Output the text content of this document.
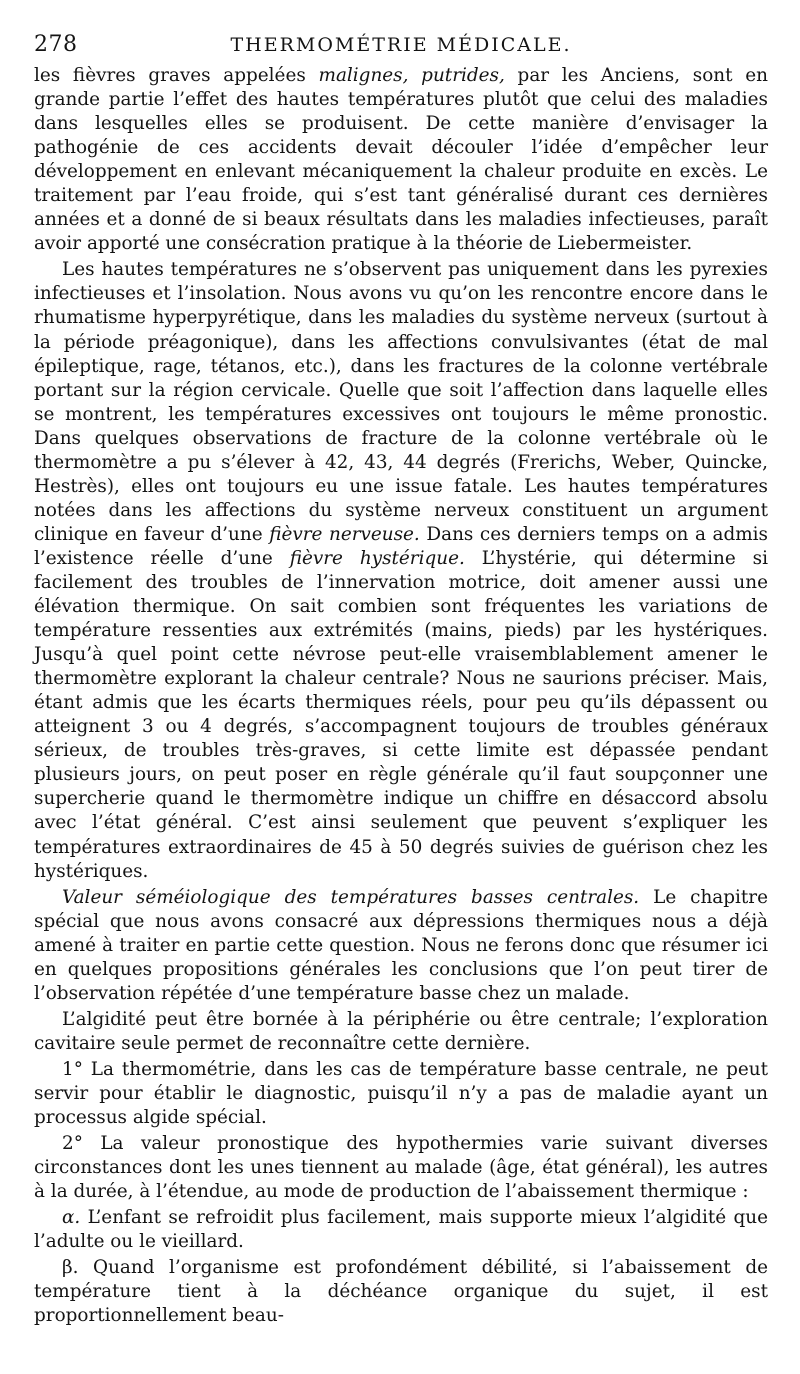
278	THERMOMÉTRIE MÉDICALE.

les fièvres graves appelées malignes, putrides, par les Anciens, sont en grande partie l’effet des hautes températures plutôt que celui des maladies dans lesquelles elles se produisent. De cette manière d’envisager la pathogénie de ces accidents devait découler l’idée d’empêcher leur développement en enlevant mécaniquement la chaleur produite en excès. Le traitement par l’eau froide, qui s’est tant généralisé durant ces dernières années et a donné de si beaux résultats dans les maladies infectieuses, paraît avoir apporté une consécration pratique à la théorie de Liebermeister.

Les hautes températures ne s’observent pas uniquement dans les pyrexies infectieuses et l’insolation. Nous avons vu qu’on les rencontre encore dans le rhumatisme hyperpyrétique, dans les maladies du système nerveux (surtout à la période préagonique), dans les affections convulsivantes (état de mal épileptique, rage, tétanos, etc.), dans les fractures de la colonne vertébrale portant sur la région cervicale. Quelle que soit l’affection dans laquelle elles se montrent, les températures excessives ont toujours le même pronostic. Dans quelques observations de fracture de la colonne vertébrale où le thermomètre a pu s’élever à 42, 43, 44 degrés (Frerichs, Weber, Quincke, Hestrès), elles ont toujours eu une issue fatale. Les hautes températures notées dans les affections du système nerveux constituent un argument clinique en faveur d’une fièvre nerveuse. Dans ces derniers temps on a admis l’existence réelle d’une fièvre hystérique. L’hystérie, qui détermine si facilement des troubles de l’innervation motrice, doit amener aussi une élévation thermique. On sait combien sont fréquentes les variations de température ressenties aux extrémités (mains, pieds) par les hystériques. Jusqu’à quel point cette névrose peut-elle vraisemblablement amener le thermomètre explorant la chaleur centrale? Nous ne saurions préciser. Mais, étant admis que les écarts thermiques réels, pour peu qu’ils dépassent ou atteignent 3 ou 4 degrés, s’accompagnent toujours de troubles généraux sérieux, de troubles très-graves, si cette limite est dépassée pendant plusieurs jours, on peut poser en règle générale qu’il faut soupçonner une supercherie quand le thermomètre indique un chiffre en désaccord absolu avec l’état général. C’est ainsi seulement que peuvent s’expliquer les températures extraordinaires de 45 à 50 degrés suivies de guérison chez les hystériques.

Valeur séméiologique des températures basses centrales. Le chapitre spécial que nous avons consacré aux dépressions thermiques nous a déjà amené à traiter en partie cette question. Nous ne ferons donc que résumer ici en quelques propositions générales les conclusions que l’on peut tirer de l’observation répétée d’une température basse chez un malade.

L’algidité peut être bornée à la périphérie ou être centrale; l’exploration cavitaire seule permet de reconnaître cette dernière.

1° La thermométrie, dans les cas de température basse centrale, ne peut servir pour établir le diagnostic, puisqu’il n’y a pas de maladie ayant un processus algide spécial.

2° La valeur pronostique des hypothermies varie suivant diverses circonstances dont les unes tiennent au malade (âge, état général), les autres à la durée, à l’étendue, au mode de production de l’abaissement thermique :

α. L’enfant se refroidit plus facilement, mais supporte mieux l’algidité que l’adulte ou le vieillard.

β. Quand l’organisme est profondément débilité, si l’abaissement de température tient à la déchéance organique du sujet, il est proportionnellement beau-
